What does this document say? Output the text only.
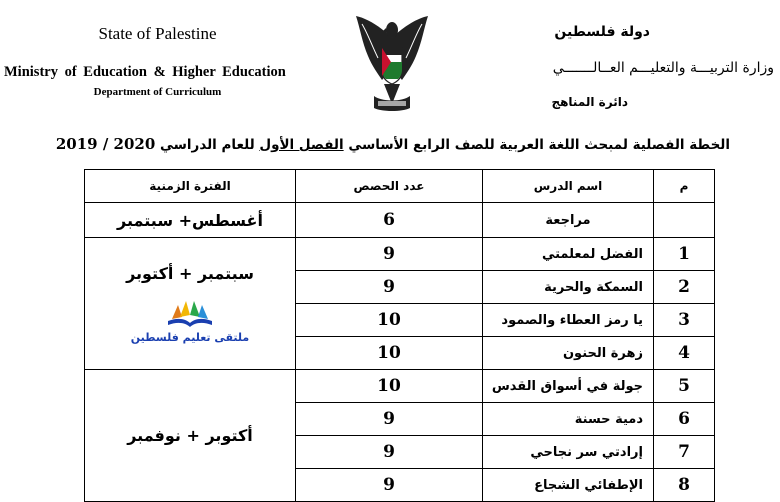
State of Palestine
Ministry of Education & Higher Education
Department of Curriculum
دولة فلسطين
وزارة التربيـــة والتعليـــم العــالـــــــي
دائرة المناهج
الخطة الفصلية لمبحث اللغة العربية للصف الرابع الأساسي الفصل الأول للعام الدراسي 2019 / 2020
م	اسم الدرس	عدد الحصص	الفترة الزمنية
	مراجعة	6	أغسطس+ سبتمبر
1	الفضل لمعلمتي	9	سبتمبر + أكتوبر
ملتقى تعليم فلسطين

2	السمكة والحرية	9	
3	يا رمز العطاء والصمود	10	
4	زهرة الحنون	10	
5	جولة في أسواق القدس	10	أكتوبر + نوفمبر
6	دمية حسنة	9	
7	إرادتي سر نجاحي	9	
8	الإطفائي الشجاع	9	
